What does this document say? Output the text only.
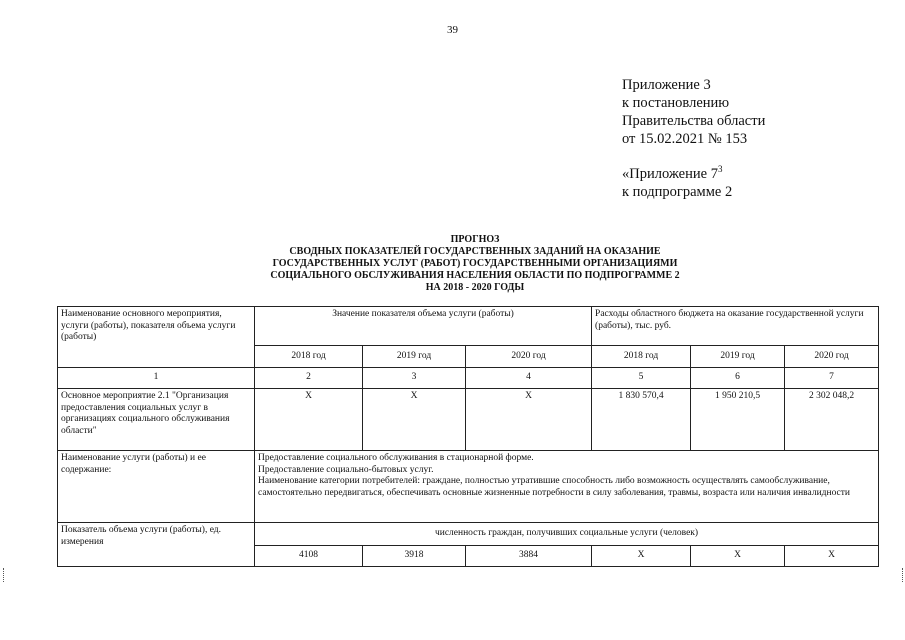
39
Приложение 3
к постановлению
Правительства области
от 15.02.2021 № 153
«Приложение $7^3$
к подпрограмме 2
ПРОГНОЗ
СВОДНЫХ ПОКАЗАТЕЛЕЙ ГОСУДАРСТВЕННЫХ ЗАДАНИЙ НА ОКАЗАНИЕ
ГОСУДАРСТВЕННЫХ УСЛУГ (РАБОТ) ГОСУДАРСТВЕННЫМИ ОРГАНИЗАЦИЯМИ
СОЦИАЛЬНОГО ОБСЛУЖИВАНИЯ НАСЕЛЕНИЯ ОБЛАСТИ ПО ПОДПРОГРАММЕ 2
НА 2018 - 2020 ГОДЫ
Наименование основного мероприятия, услуги (работы), показателя объема услуги (работы)	Значение показателя объема услуги (работы)			Расходы областного бюджета на оказание государственной услуги (работы), тыс. руб.		
	2018 год	2019 год	2020 год	2018 год	2019 год	2020 год
1	2	3	4	5	6	7
Основное мероприятие 2.1 "Организация предоставления социальных услуг в организациях социального обслуживания области"	Х	Х	Х	1 830 570,4	1 950 210,5	2 302 048,2
Наименование услуги (работы) и ее содержание:	Предоставление социального обслуживания в стационарной форме.

Предоставление социально-бытовых услуг.

Наименование категории потребителей: граждане, полностью утратившие способность либо возможность осуществлять самообслуживание, самостоятельно передвигаться, обеспечивать основные жизненные потребности в силу заболевания, травмы, возраста или наличия инвалидности					

Показатель объема услуги (работы), ед. измерения	численность граждан, получивших социальные услуги (человек)					
	4108	3918	3884	Х	Х	Х
